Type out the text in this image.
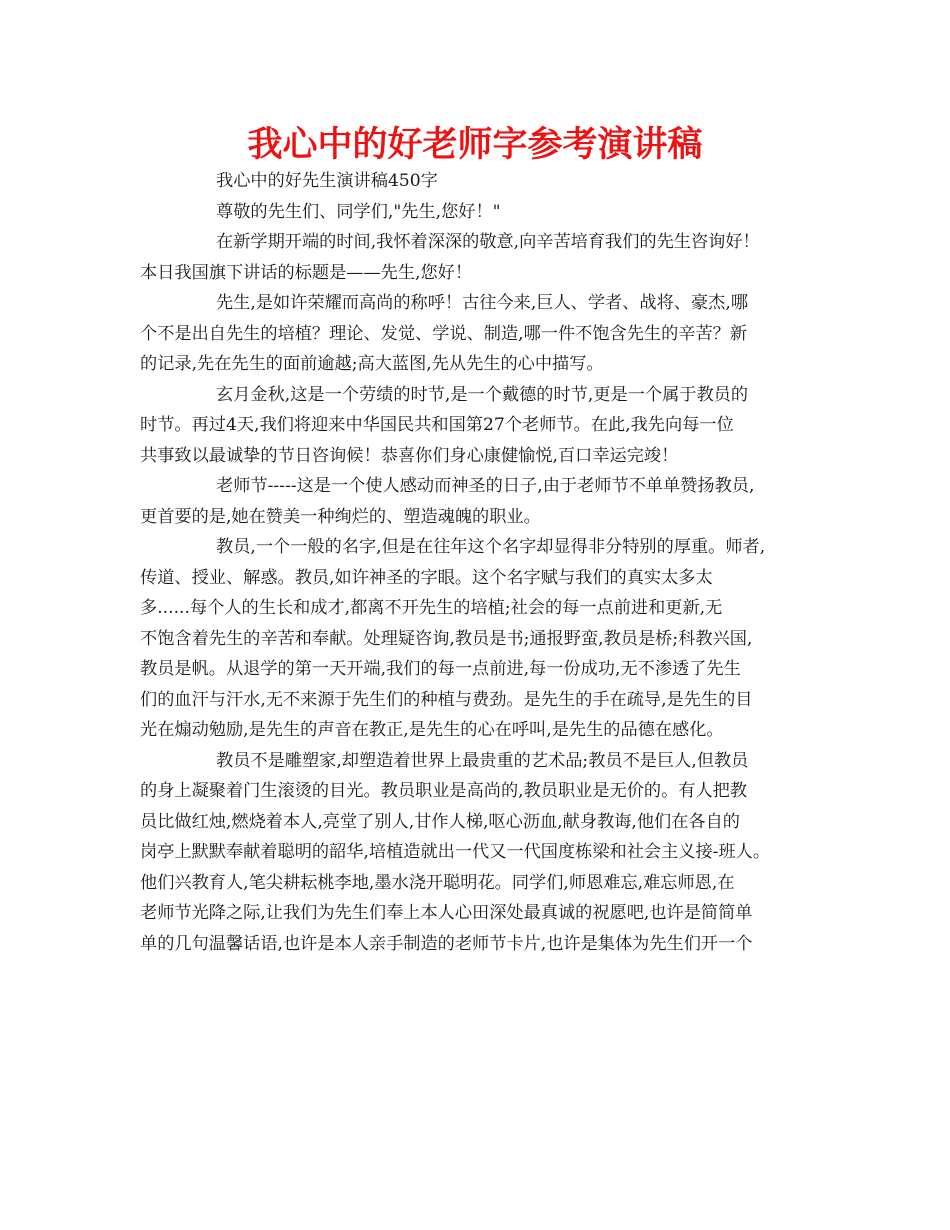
我心中的好老师字参考演讲稿
我心中的好先生演讲稿450字
尊敬的先生们、同学们,"先生,您好！"
在新学期开端的时间,我怀着深深的敬意,向辛苦培育我们的先生咨询好！
本日我国旗下讲话的标题是——先生,您好！
先生,是如许荣耀而高尚的称呼！古往今来,巨人、学者、战将、豪杰,哪
个不是出自先生的培植？理论、发觉、学说、制造,哪一件不饱含先生的辛苦？新
的记录,先在先生的面前逾越;高大蓝图,先从先生的心中描写。
玄月金秋,这是一个劳绩的时节,是一个戴德的时节,更是一个属于教员的
时节。再过4天,我们将迎来中华国民共和国第27个老师节。在此,我先向每一位
共事致以最诚挚的节日咨询候！恭喜你们身心康健愉悦,百口幸运完竣！
老师节-----这是一个使人感动而神圣的日子,由于老师节不单单赞扬教员,
更首要的是,她在赞美一种绚烂的、塑造魂魄的职业。
教员,一个一般的名字,但是在往年这个名字却显得非分特别的厚重。师者,
传道、授业、解惑。教员,如许神圣的字眼。这个名字赋与我们的真实太多太
多......每个人的生长和成才,都离不开先生的培植;社会的每一点前进和更新,无
不饱含着先生的辛苦和奉献。处理疑咨询,教员是书;通报野蛮,教员是桥;科教兴国,
教员是帆。从退学的第一天开端,我们的每一点前进,每一份成功,无不渗透了先生
们的血汗与汗水,无不来源于先生们的种植与费劲。是先生的手在疏导,是先生的目
光在煽动勉励,是先生的声音在教正,是先生的心在呼叫,是先生的品德在感化。
教员不是雕塑家,却塑造着世界上最贵重的艺术品;教员不是巨人,但教员
的身上凝聚着门生滚烫的目光。教员职业是高尚的,教员职业是无价的。有人把教
员比做红烛,燃烧着本人,亮堂了别人,甘作人梯,呕心沥血,献身教诲,他们在各自的
岗亭上默默奉献着聪明的韶华,培植造就出一代又一代国度栋梁和社会主义接-班人。
他们兴教育人,笔尖耕耘桃李地,墨水浇开聪明花。同学们,师恩难忘,难忘师恩,在
老师节光降之际,让我们为先生们奉上本人心田深处最真诚的祝愿吧,也许是简简单
单的几句温馨话语,也许是本人亲手制造的老师节卡片,也许是集体为先生们开一个
